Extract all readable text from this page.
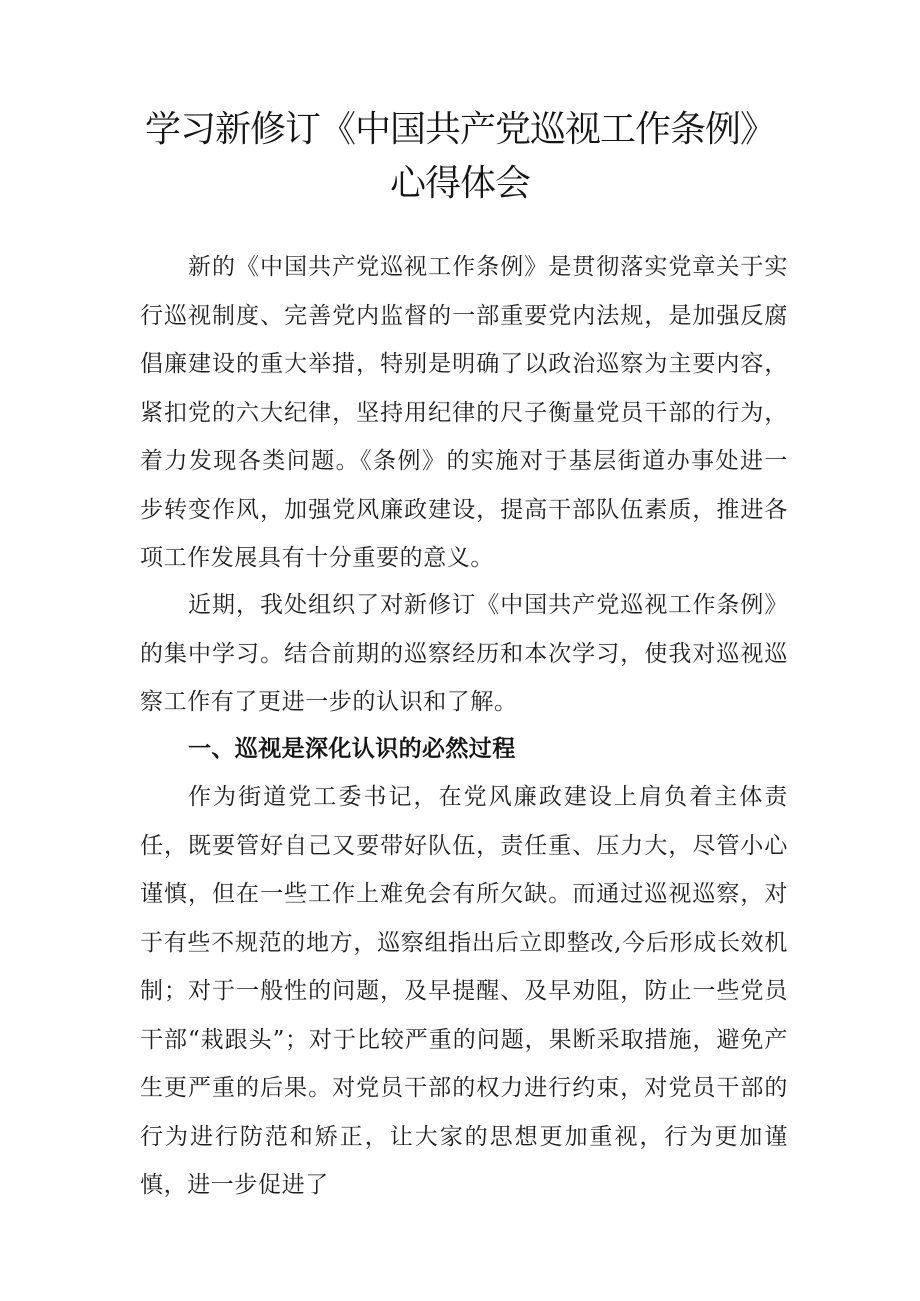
学习新修订《中国共产党巡视工作条例》
心得体会

新的《中国共产党巡视工作条例》是贯彻落实党章关于实行巡视制度、完善党内监督的一部重要党内法规，是加强反腐倡廉建设的重大举措，特别是明确了以政治巡察为主要内容，紧扣党的六大纪律，坚持用纪律的尺子衡量党员干部的行为，着力发现各类问题。《条例》的实施对于基层街道办事处进一步转变作风，加强党风廉政建设，提高干部队伍素质，推进各项工作发展具有十分重要的意义。

近期，我处组织了对新修订《中国共产党巡视工作条例》的集中学习。结合前期的巡察经历和本次学习，使我对巡视巡察工作有了更进一步的认识和了解。

一、巡视是深化认识的必然过程

作为街道党工委书记，在党风廉政建设上肩负着主体责任，既要管好自己又要带好队伍，责任重、压力大，尽管小心谨慎，但在一些工作上难免会有所欠缺。而通过巡视巡察，对于有些不规范的地方，巡察组指出后立即整改,今后形成长效机制；对于一般性的问题，及早提醒、及早劝阻，防止一些党员干部“栽跟头”；对于比较严重的问题，果断采取措施，避免产生更严重的后果。对党员干部的权力进行约束，对党员干部的行为进行防范和矫正，让大家的思想更加重视，行为更加谨慎，进一步促进了
